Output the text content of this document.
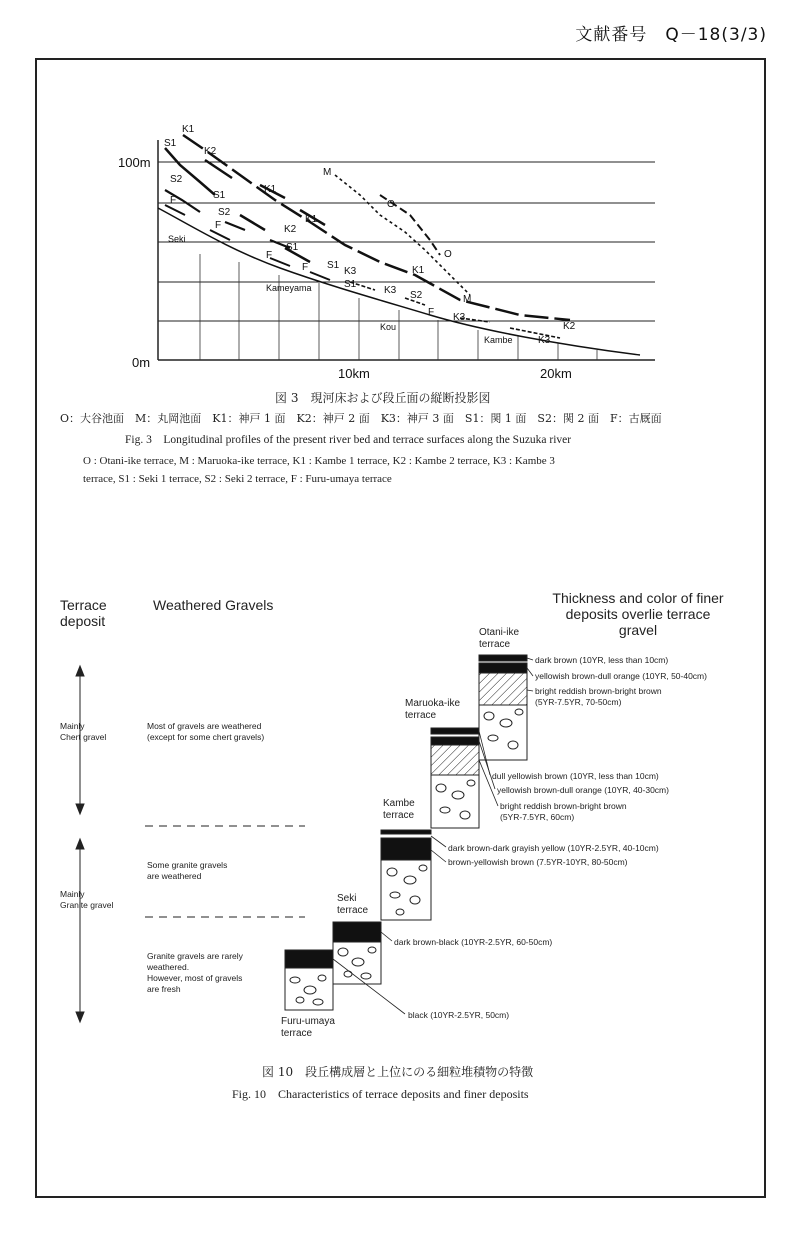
文献番号　Q－18(3/3)
100m
0m
10km	20km
Seki
Kameyama
Kou
Kambe
K1
S1
K2
S2
F	S1
S2
F	K2
K1
K1
M
O
O
F
S1
F S1
K3
S1
K3
K1
S2	M
F K3
K2
K3
図 3　現河床および段丘面の縦断投影図
O：大谷池面　M：丸岡池面　K1：神戸 1 面　K2：神戸 2 面　K3：神戸 3 面　S1：関 1 面　S2：関 2 面　F：古厩面
Fig. 3　Longitudinal profiles of the present river bed and terrace surfaces along the Suzuka river
O : Otani-ike terrace, M : Maruoka-ike terrace, K1 : Kambe 1 terrace, K2 : Kambe 2 terrace, K3 : Kambe 3
terrace, S1 : Seki 1 terrace, S2 : Seki 2 terrace, F : Furu-umaya terrace
Terrace
deposit
Weathered Gravels	Thickness and color of finer
deposits overlie terrace
gravel
Mainly
Chert gravel
Mainly
Granite gravel
Most of gravels are weathered
(except for some chert gravels)
Some granite gravels
are weathered
Granite gravels are rarely
weathered.
However, most of gravels
are fresh
Otani-ike
terrace
Maruoka-ike
terrace
Kambe
terrace
Seki
terrace
Furu-umaya
terrace
dark brown (10YR, less than 10cm)
yellowish brown-dull orange (10YR, 50-40cm)
bright reddish brown-bright brown
(5YR-7.5YR, 70-50cm)
dull yellowish brown (10YR, less than 10cm)
yellowish brown-dull orange (10YR, 40-30cm)
bright reddish brown-bright brown
(5YR-7.5YR, 60cm)
dark brown-dark grayish yellow (10YR-2.5YR, 40-10cm)
brown-yellowish brown (7.5YR-10YR, 80-50cm)
dark brown-black (10YR-2.5YR, 60-50cm)
black (10YR-2.5YR, 50cm)
図 10　段丘構成層と上位にのる細粒堆積物の特徴
Fig. 10　Characteristics of terrace deposits and finer deposits
